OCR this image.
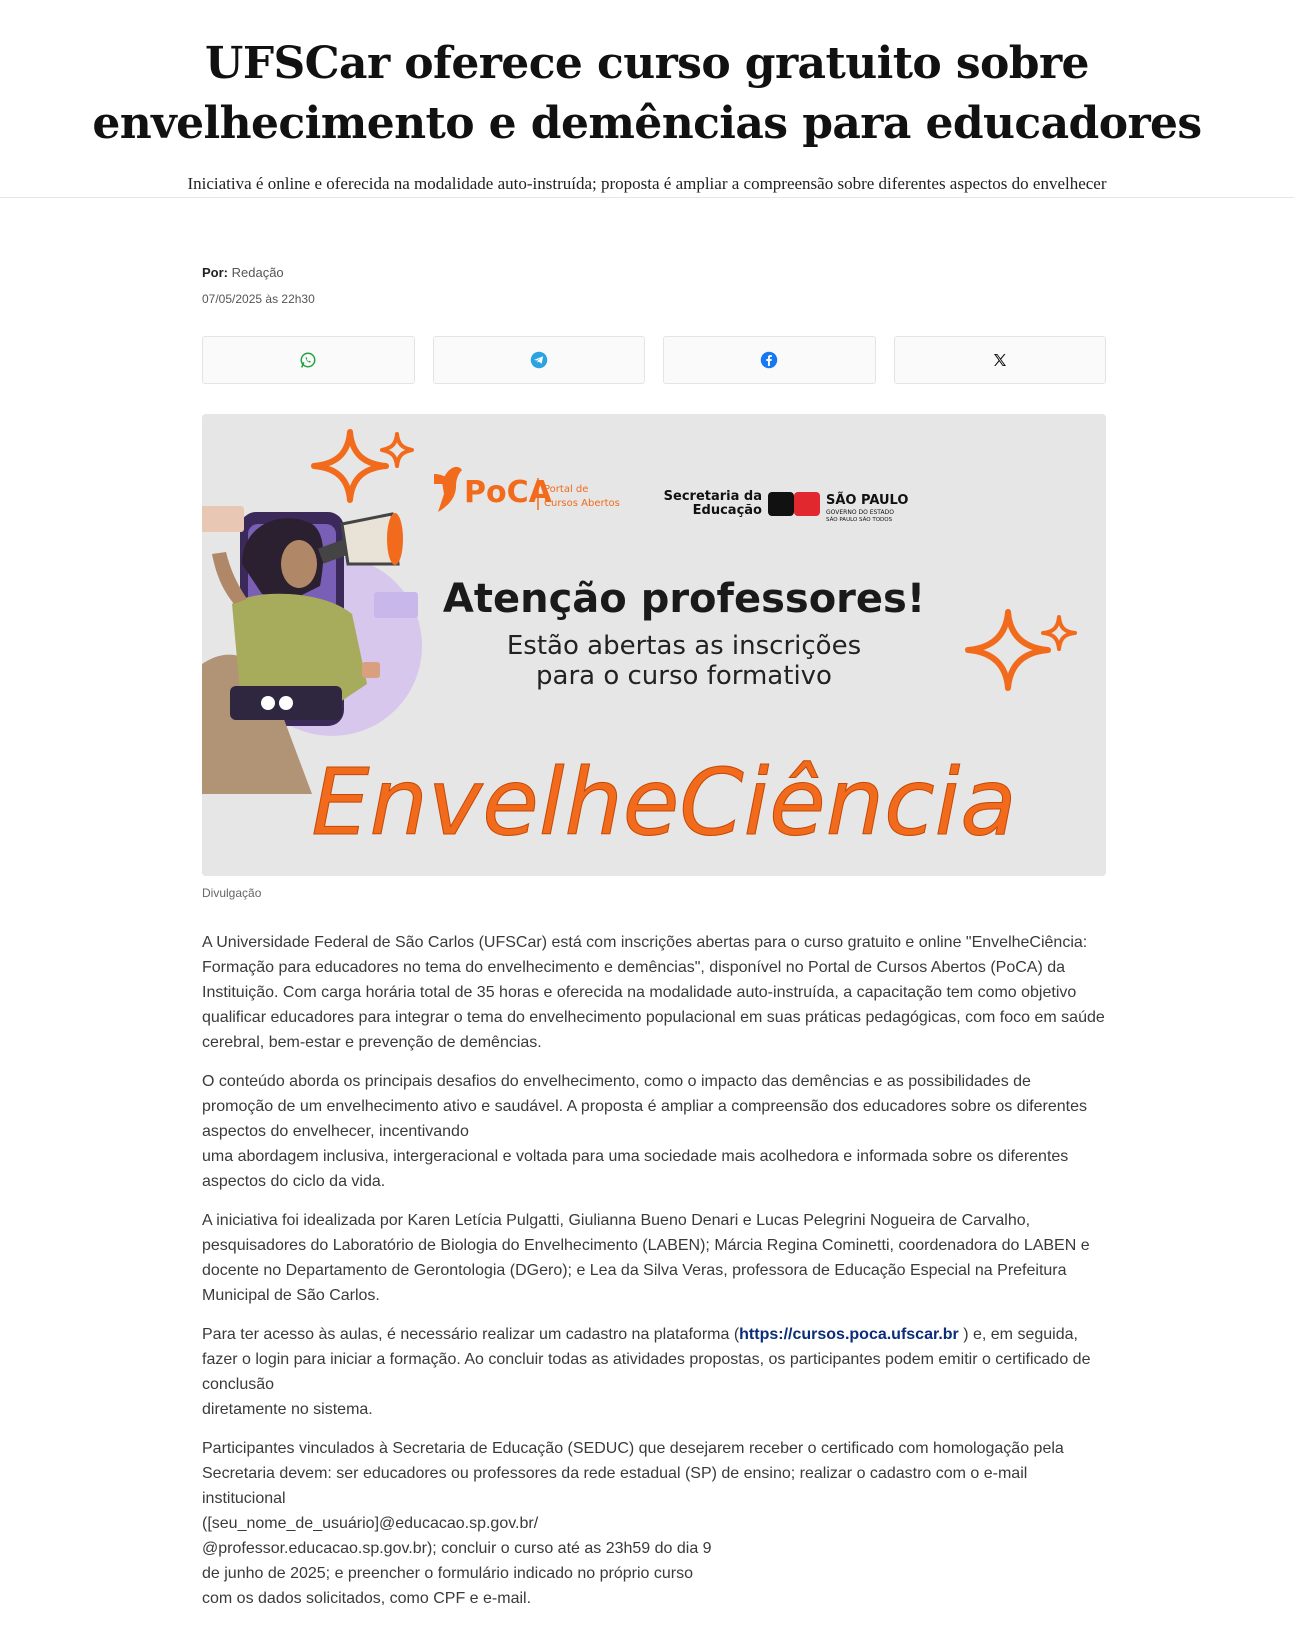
UFSCar oferece curso gratuito sobre envelhecimento e demências para educadores
Iniciativa é online e oferecida na modalidade auto-instruída; proposta é ampliar a compreensão sobre diferentes aspectos do envelhecer
Por: Redação
07/05/2025 às 22h30
PoCA
Portal de
Cursos Abertos	Secretaria da
Educação
SÃO PAULO
GOVERNO DO ESTADO
SÃO PAULO SÃO TODOS
Atenção professores!
Estão abertas as inscrições
para o curso formativo
EnvelheCiência
Divulgação

A Universidade Federal de São Carlos (UFSCar) está com inscrições abertas para o curso gratuito e online "EnvelheCiência: Formação para educadores no tema do envelhecimento e demências", disponível no Portal de Cursos Abertos (PoCA) da Instituição. Com carga horária total de 35 horas e oferecida na modalidade auto-instruída, a capacitação tem como objetivo qualificar educadores para integrar o tema do envelhecimento populacional em suas práticas pedagógicas, com foco em saúde cerebral, bem-estar e prevenção de demências.

O conteúdo aborda os principais desafios do envelhecimento, como o impacto das demências e as possibilidades de promoção de um envelhecimento ativo e saudável. A proposta é ampliar a compreensão dos educadores sobre os diferentes aspectos do envelhecer, incentivando
uma abordagem inclusiva, intergeracional e voltada para uma sociedade mais acolhedora e informada sobre os diferentes aspectos do ciclo da vida.

A iniciativa foi idealizada por Karen Letícia Pulgatti, Giulianna Bueno Denari e Lucas Pelegrini Nogueira de Carvalho, pesquisadores do Laboratório de Biologia do Envelhecimento (LABEN); Márcia Regina Cominetti, coordenadora do LABEN e docente no Departamento de Gerontologia (DGero); e Lea da Silva Veras, professora de Educação Especial na Prefeitura Municipal de São Carlos.

Para ter acesso às aulas, é necessário realizar um cadastro na plataforma (https://cursos.poca.ufscar.br ) e, em seguida, fazer o login para iniciar a formação. Ao concluir todas as atividades propostas, os participantes podem emitir o certificado de conclusão
diretamente no sistema.

Participantes vinculados à Secretaria de Educação (SEDUC) que desejarem receber o certificado com homologação pela Secretaria devem: ser educadores ou professores da rede estadual (SP) de ensino; realizar o cadastro com o e-mail institucional
([seu_nome_de_usuário]@educacao.sp.gov.br/
@professor.educacao.sp.gov.br); concluir o curso até as 23h59 do dia 9
de junho de 2025; e preencher o formulário indicado no próprio curso
com os dados solicitados, como CPF e e-mail.
